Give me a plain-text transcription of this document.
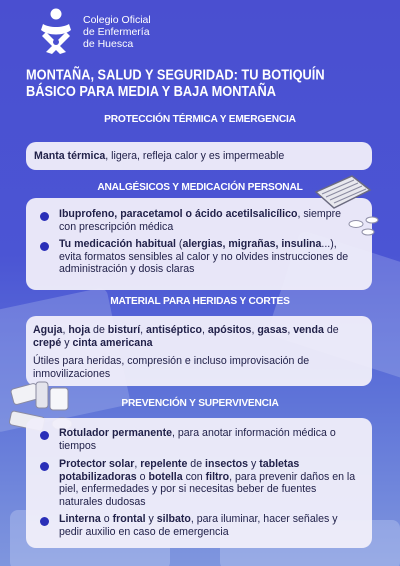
Colegio Oficial
de Enfermería
de Huesca
MONTAÑA, SALUD Y SEGURIDAD: TU BOTIQUÍN BÁSICO PARA MEDIA Y BAJA MONTAÑA
PROTECCIÓN TÉRMICA Y EMERGENCIA
Manta térmica, ligera, refleja calor y es impermeable
ANALGÉSICOS Y MEDICACIÓN PERSONAL
Ibuprofeno, paracetamol o ácido acetilsalicílico, siempre con prescripción médica
Tu medicación habitual (alergias, migrañas, insulina...), evita formatos sensibles al calor y no olvides instrucciones de administración y dosis claras
MATERIAL PARA HERIDAS Y CORTES
Aguja, hoja de bisturí, antiséptico, apósitos, gasas, venda de crepé y cinta americana
Útiles para heridas, compresión e incluso improvisación de inmovilizaciones
PREVENCIÓN Y SUPERVIVENCIA
Rotulador permanente, para anotar información médica o tiempos
Protector solar, repelente de insectos y tabletas potabilizadoras o botella con filtro, para prevenir daños en la piel, enfermedades y por si necesitas beber de fuentes naturales dudosas
Linterna o frontal y silbato, para iluminar, hacer señales y pedir auxilio en caso de emergencia
